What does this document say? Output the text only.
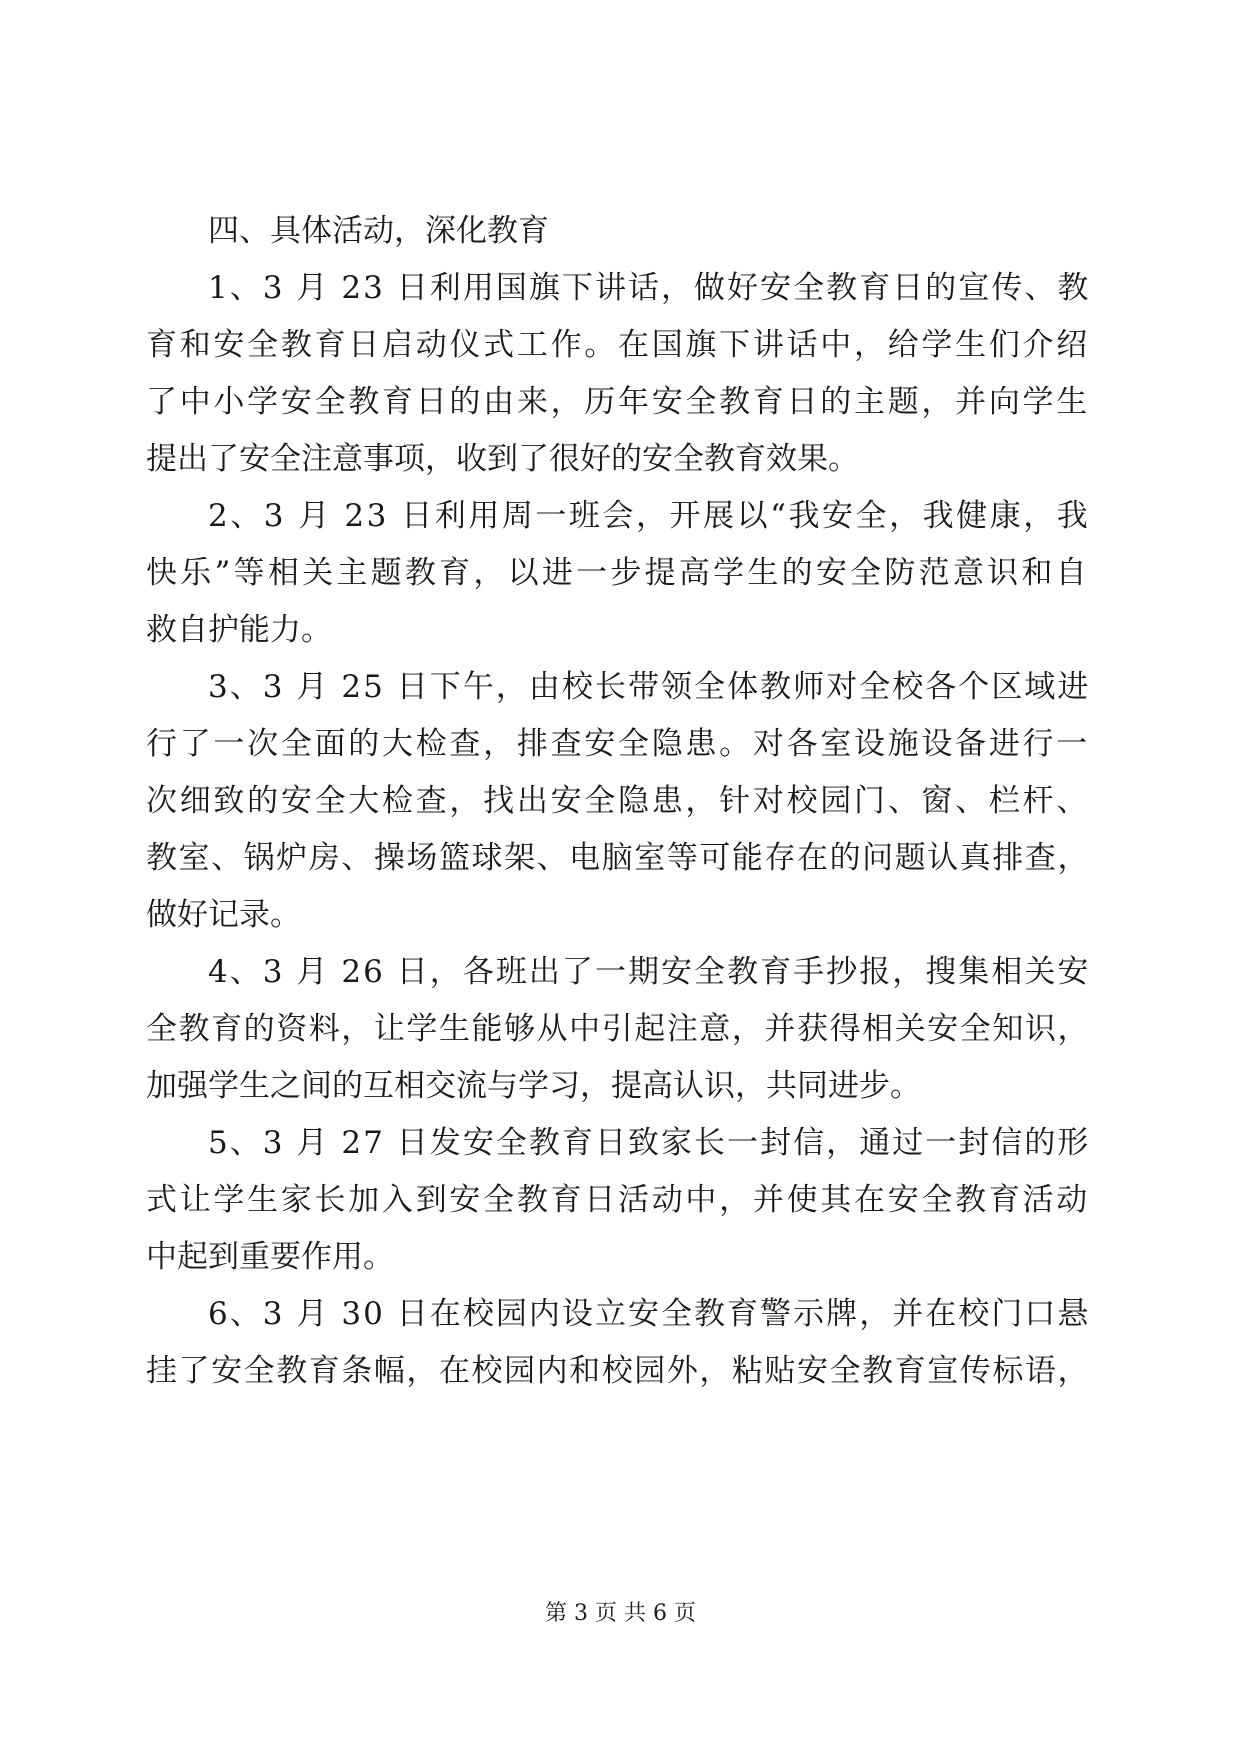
四、具体活动，深化教育
1、3 月 23 日利用国旗下讲话，做好安全教育日的宣传、教
育和安全教育日启动仪式工作。在国旗下讲话中，给学生们介绍
了中小学安全教育日的由来，历年安全教育日的主题，并向学生
提出了安全注意事项，收到了很好的安全教育效果。
2、3 月 23 日利用周一班会，开展以“我安全，我健康，我
快乐”等相关主题教育，以进一步提高学生的安全防范意识和自
救自护能力。
3、3 月 25 日下午，由校长带领全体教师对全校各个区域进
行了一次全面的大检查，排查安全隐患。对各室设施设备进行一
次细致的安全大检查，找出安全隐患，针对校园门、窗、栏杆、
教室、锅炉房、操场篮球架、电脑室等可能存在的问题认真排查，
做好记录。
4、3 月 26 日，各班出了一期安全教育手抄报，搜集相关安
全教育的资料，让学生能够从中引起注意，并获得相关安全知识，
加强学生之间的互相交流与学习，提高认识，共同进步。
5、3 月 27 日发安全教育日致家长一封信，通过一封信的形
式让学生家长加入到安全教育日活动中，并使其在安全教育活动
中起到重要作用。
6、3 月 30 日在校园内设立安全教育警示牌，并在校门口悬
挂了安全教育条幅，在校园内和校园外，粘贴安全教育宣传标语，
第 3 页 共 6 页
